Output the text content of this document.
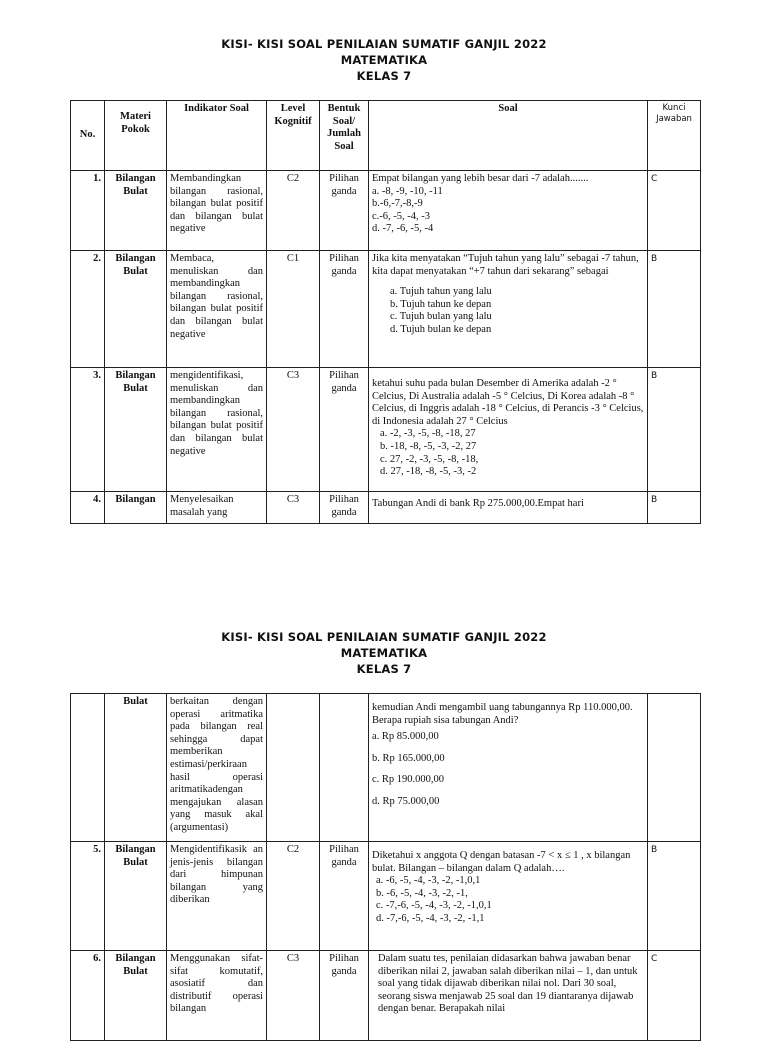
KISI- KISI SOAL PENILAIAN SUMATIF GANJIL 2022
MATEMATIKA
KELAS 7
No.	Materi Pokok	Indikator Soal	Level Kognitif	Bentuk Soal/ Jumlah Soal	Soal	Kunci Jawaban
1.	Bilangan Bulat	Membandingkan bilangan rasional, bilangan bulat positif dan bilangan bulat negative	C2	Pilihan ganda	Empat bilangan yang lebih besar dari -7 adalah.......
a. -8, -9, -10, -11
b.-6,-7,-8,-9
c.-6, -5, -4, -3
d. -7, -6, -5, -4	C
2.	Bilangan Bulat	Membaca, menuliskan dan membandingkan bilangan rasional, bilangan bulat positif dan bilangan bulat negative	C1	Pilihan ganda	Jika kita menyatakan “Tujuh tahun yang lalu” sebagai -7 tahun, kita dapat menyatakan “+7 tahun dari sekarang” sebagai
a. Tujuh tahun yang lalu
b. Tujuh tahun ke depan
c. Tujuh bulan yang lalu
d. Tujuh bulan ke depan	B
3.	Bilangan Bulat	mengidentifikasi, menuliskan dan membandingkan bilangan rasional, bilangan bulat positif dan bilangan bulat negative	C3	Pilihan ganda	ketahui suhu pada bulan Desember di Amerika adalah -2 ° Celcius, Di Australia adalah -5 ° Celcius, Di Korea adalah -8 ° Celcius, di Inggris adalah -18 ° Celcius, di Perancis -3 ° Celcius, di Indonesia adalah 27 ° Celcius
a. -2, -3, -5, -8, -18, 27
b. -18, -8, -5, -3, -2, 27
c. 27, -2, -3, -5, -8, -18,
d. 27, -18, -8, -5, -3, -2	B
4.	Bilangan	Menyelesaikan masalah yang	C3	Pilihan ganda	Tabungan Andi di bank Rp 275.000,00.Empat hari	B
KISI- KISI SOAL PENILAIAN SUMATIF GANJIL 2022
MATEMATIKA
KELAS 7
	Bulat	berkaitan dengan operasi aritmatika pada bilangan real sehingga dapat memberikan estimasi/perkiraan hasil operasi aritmatikadengan mengajukan alasan yang masuk akal (argumentasi)			kemudian Andi mengambil uang tabungannya Rp 110.000,00. Berapa rupiah sisa tabungan Andi?
a. Rp 85.000,00
b. Rp 165.000,00
c. Rp 190.000,00
d. Rp 75.000,00	

5.	Bilangan Bulat	Mengidentifikasik an jenis-jenis bilangan dari himpunan bilangan yang diberikan	C2	Pilihan ganda	Diketahui x anggota Q dengan batasan -7 < x ≤ 1 , x bilangan bulat. Bilangan – bilangan dalam Q adalah….
a. -6, -5, -4, -3, -2, -1,0,1
b. -6, -5, -4, -3, -2, -1,
c. -7,-6, -5, -4, -3, -2, -1,0,1
d. -7,-6, -5, -4, -3, -2, -1,1	B
6.	Bilangan Bulat	Menggunakan sifat-sifat komutatif, asosiatif dan distributif operasi bilangan	C3	Pilihan ganda	Dalam suatu tes, penilaian didasarkan bahwa jawaban benar diberikan nilai 2, jawaban salah diberikan nilai – 1, dan untuk soal yang tidak dijawab diberikan nilai nol. Dari 30 soal, seorang siswa menjawab 25 soal dan 19 diantaranya dijawab dengan benar. Berapakah nilai	C
